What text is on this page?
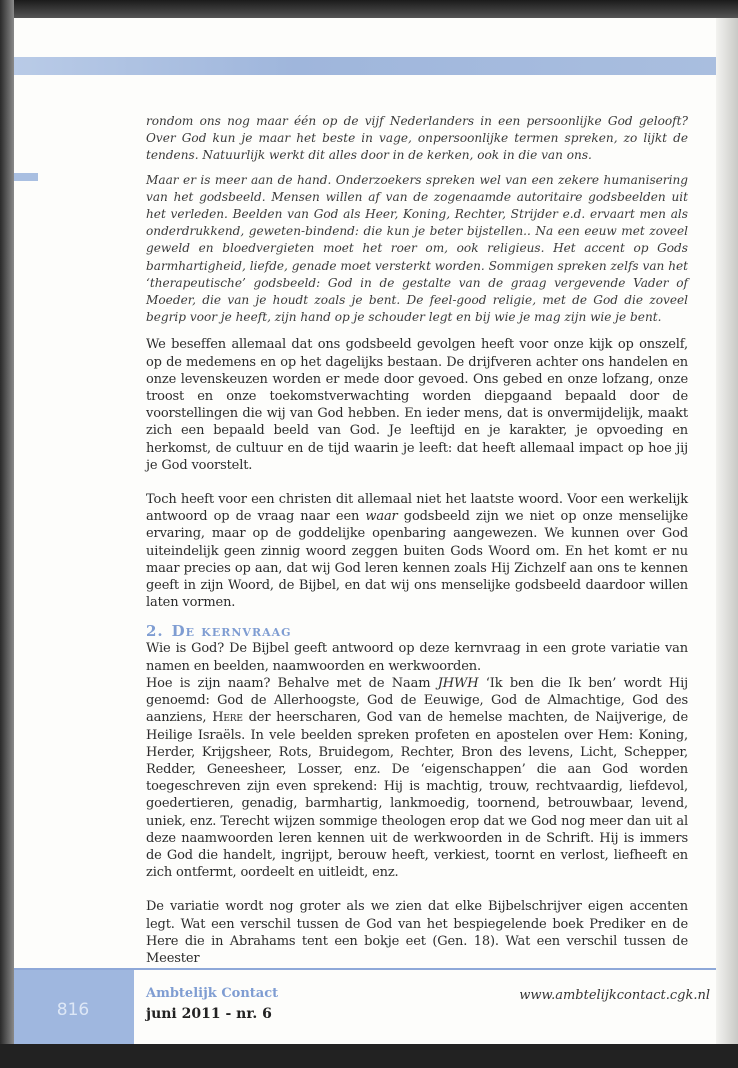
rondom ons nog maar één op de vijf Nederlanders in een persoonlijke God gelooft? Over God kun je maar het beste in vage, onpersoonlijke termen spreken, zo lijkt de tendens. Natuurlijk werkt dit alles door in de kerken, ook in die van ons.

Maar er is meer aan de hand. Onderzoekers spreken wel van een zekere humanisering van het godsbeeld. Mensen willen af van de zogenaamde autoritaire godsbeelden uit het verleden. Beelden van God als Heer, Koning, Rechter, Strijder e.d. ervaart men als onderdrukkend, geweten-bindend: die kun je beter bijstellen.. Na een eeuw met zoveel geweld en bloedvergieten moet het roer om, ook religieus. Het accent op Gods barmhartigheid, liefde, genade moet versterkt worden. Sommigen spreken zelfs van het ‘therapeutische’ godsbeeld: God in de gestalte van de graag vergevende Vader of Moeder, die van je houdt zoals je bent. De feel-good religie, met de God die zoveel begrip voor je heeft, zijn hand op je schouder legt en bij wie je mag zijn wie je bent.

We beseffen allemaal dat ons godsbeeld gevolgen heeft voor onze kijk op onszelf, op de medemens en op het dagelijks bestaan. De drijfveren achter ons handelen en onze levenskeuzen worden er mede door gevoed. Ons gebed en onze lofzang, onze troost en onze toekomstverwachting worden diepgaand bepaald door de voorstellingen die wij van God hebben. En ieder mens, dat is onvermijdelijk, maakt zich een bepaald beeld van God. Je leeftijd en je karakter, je opvoeding en herkomst, de cultuur en de tijd waarin je leeft: dat heeft allemaal impact op hoe jij je God voorstelt.

Toch heeft voor een christen dit allemaal niet het laatste woord. Voor een werkelijk antwoord op de vraag naar een waar godsbeeld zijn we niet op onze menselijke ervaring, maar op de goddelijke openbaring aangewezen. We kunnen over God uiteindelijk geen zinnig woord zeggen buiten Gods Woord om. En het komt er nu maar precies op aan, dat wij God leren kennen zoals Hij Zichzelf aan ons te kennen geeft in zijn Woord, de Bijbel, en dat wij ons menselijke godsbeeld daardoor willen laten vormen.

2. De kernvraag

Wie is God? De Bijbel geeft antwoord op deze kernvraag in een grote variatie van namen en beelden, naamwoorden en werkwoorden.

Hoe is zijn naam? Behalve met de Naam JHWH ‘Ik ben die Ik ben’ wordt Hij genoemd: God de Allerhoogste, God de Eeuwige, God de Almachtige, God des aanziens, Here der heerscharen, God van de hemelse machten, de Naijverige, de Heilige Israëls. In vele beelden spreken profeten en apostelen over Hem: Koning, Herder, Krijgsheer, Rots, Bruidegom, Rechter, Bron des levens, Licht, Schepper, Redder, Geneesheer, Losser, enz. De ‘eigenschappen’ die aan God worden toegeschreven zijn even sprekend: Hij is machtig, trouw, rechtvaardig, liefdevol, goedertieren, genadig, barmhartig, lankmoedig, toornend, betrouwbaar, levend, uniek, enz. Terecht wijzen sommige theologen erop dat we God nog meer dan uit al deze naamwoorden leren kennen uit de werkwoorden in de Schrift. Hij is immers de God die handelt, ingrijpt, berouw heeft, verkiest, toornt en verlost, liefheeft en zich ontfermt, oordeelt en uitleidt, enz.

De variatie wordt nog groter als we zien dat elke Bijbelschrijver eigen accenten legt. Wat een verschil tussen de God van het bespiegelende boek Prediker en de Here die in Abrahams tent een bokje eet (Gen. 18). Wat een verschil tussen de Meester

816
Ambtelijk Contact
juni 2011 - nr. 6
www.ambtelijkcontact.cgk.nl
